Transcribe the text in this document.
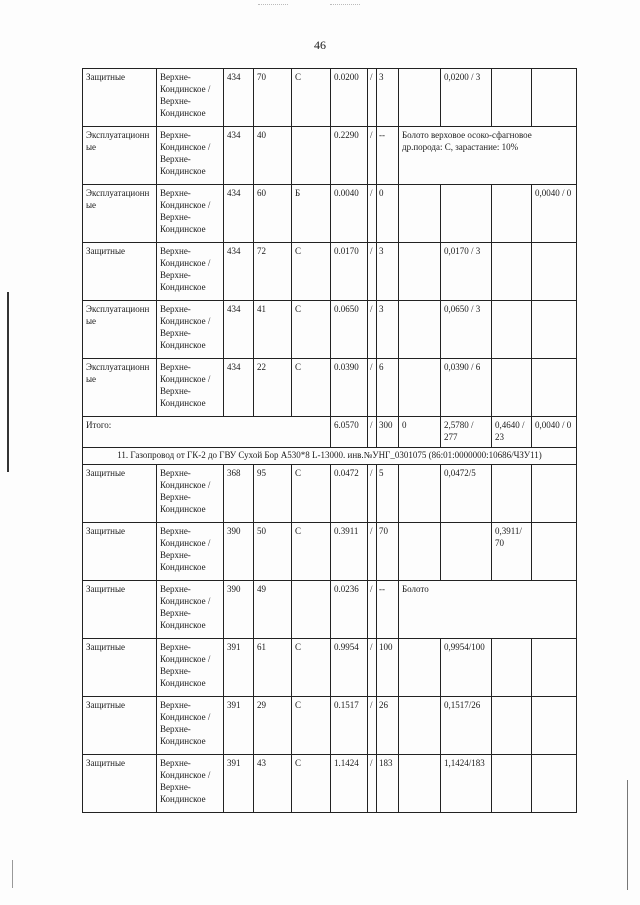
46
Защитные	Верхне-Кондинское / Верхне-Кондинское	434	70	С	0.0200	/	3		0,0200 / 3		
Эксплуатационные	Верхне-Кондинское / Верхне-Кондинское	434	40		0.2290	/	--	Болото верховое осоко-сфагновое др.порода: С, зарастание: 10%			
Эксплуатационные	Верхне-Кондинское / Верхне-Кондинское	434	60	Б	0.0040	/	0				0,0040 / 0
Защитные	Верхне-Кондинское / Верхне-Кондинское	434	72	С	0.0170	/	3		0,0170 / 3		
Эксплуатационные	Верхне-Кондинское / Верхне-Кондинское	434	41	С	0.0650	/	3		0,0650 / 3		
Эксплуатационные	Верхне-Кондинское / Верхне-Кондинское	434	22	С	0.0390	/	6		0,0390 / 6		
Итого:					6.0570	/	300	0	2,5780 / 277	0,4640 / 23	0,0040 / 0
11. Газопровод от ГК-2 до ГВУ Сухой Бор А530*8 L-13000. инв.№УНГ_0301075 (86:01:0000000:10686/ЧЗУ11)											
Защитные	Верхне-Кондинское / Верхне-Кондинское	368	95	С	0.0472	/	5		0,0472/5		
Защитные	Верхне-Кондинское / Верхне-Кондинское	390	50	С	0.3911	/	70			0,3911/ 70	
Защитные	Верхне-Кондинское / Верхне-Кондинское	390	49		0.0236	/	--	Болото			
Защитные	Верхне-Кондинское / Верхне-Кондинское	391	61	С	0.9954	/	100		0,9954/100		
Защитные	Верхне-Кондинское / Верхне-Кондинское	391	29	С	0.1517	/	26		0,1517/26		
Защитные	Верхне-Кондинское / Верхне-Кондинское	391	43	С	1.1424	/	183		1,1424/183		
